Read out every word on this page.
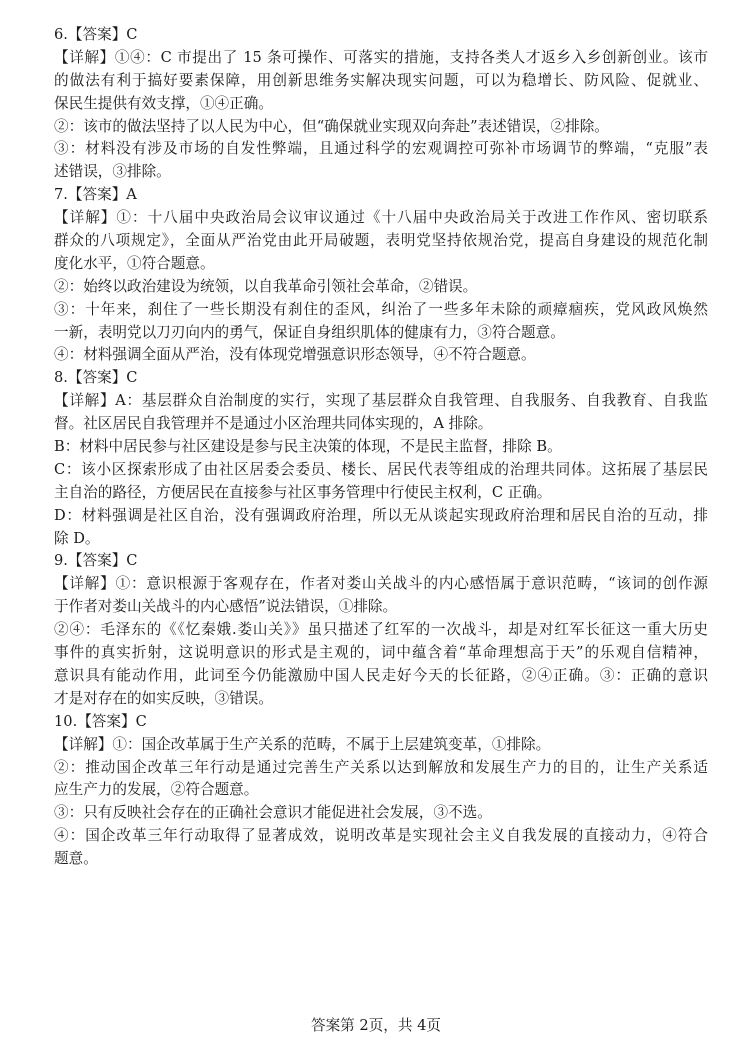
6.【答案】C
【详解】①④：C 市提出了 15 条可操作、可落实的措施，支持各类人才返乡入乡创新创业。该市
的做法有利于搞好要素保障，用创新思维务实解决现实问题，可以为稳增长、防风险、促就业、
保民生提供有效支撑，①④正确。
②：该市的做法坚持了以人民为中心，但“确保就业实现双向奔赴”表述错误，②排除。
③：材料没有涉及市场的自发性弊端，且通过科学的宏观调控可弥补市场调节的弊端，“克服”表
述错误，③排除。
7.【答案】A
【详解】①：十八届中央政治局会议审议通过《十八届中央政治局关于改进工作作风、密切联系
群众的八项规定》，全面从严治党由此开局破题，表明党坚持依规治党，提高自身建设的规范化制
度化水平，①符合题意。
②：始终以政治建设为统领，以自我革命引领社会革命，②错误。
③：十年来，刹住了一些长期没有刹住的歪风，纠治了一些多年未除的顽瘴痼疾，党风政风焕然
一新，表明党以刀刃向内的勇气，保证自身组织肌体的健康有力，③符合题意。
④：材料强调全面从严治，没有体现党增强意识形态领导，④不符合题意。
8.【答案】C
【详解】A：基层群众自治制度的实行，实现了基层群众自我管理、自我服务、自我教育、自我监
督。社区居民自我管理并不是通过小区治理共同体实现的，A 排除。
B：材料中居民参与社区建设是参与民主决策的体现，不是民主监督，排除 B。
C：该小区探索形成了由社区居委会委员、楼长、居民代表等组成的治理共同体。这拓展了基层民
主自治的路径，方便居民在直接参与社区事务管理中行使民主权利，C 正确。
D：材料强调是社区自治，没有强调政府治理，所以无从谈起实现政府治理和居民自治的互动，排
除 D。
9.【答案】C
【详解】①：意识根源于客观存在，作者对娄山关战斗的内心感悟属于意识范畴，“该词的创作源
于作者对娄山关战斗的内心感悟”说法错误，①排除。
②④：毛泽东的《《忆秦娥.娄山关》》虽只描述了红军的一次战斗，却是对红军长征这一重大历史
事件的真实折射，这说明意识的形式是主观的，词中蕴含着“革命理想高于天”的乐观自信精神，
意识具有能动作用，此词至今仍能激励中国人民走好今天的长征路，②④正确。③：正确的意识
才是对存在的如实反映，③错误。
10.【答案】C
【详解】①：国企改革属于生产关系的范畴，不属于上层建筑变革，①排除。
②：推动国企改革三年行动是通过完善生产关系以达到解放和发展生产力的目的，让生产关系适
应生产力的发展，②符合题意。
③：只有反映社会存在的正确社会意识才能促进社会发展，③不选。
④：国企改革三年行动取得了显著成效，说明改革是实现社会主义自我发展的直接动力，④符合
题意。
答案第 2页，共 4页
